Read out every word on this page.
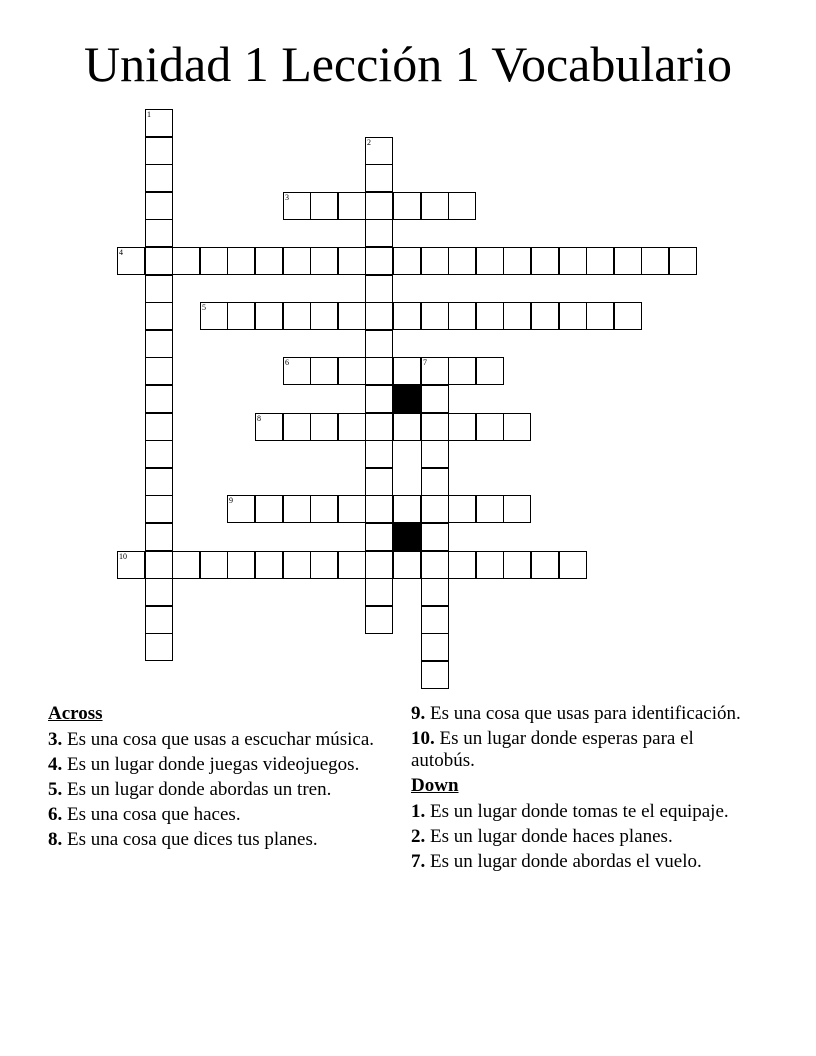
Unidad 1 Lección 1 Vocabulario
1
2
3
4
5
6	7
8
9
10
Across
3. Es una cosa que usas a escuchar música.
4. Es un lugar donde juegas videojuegos.
5. Es un lugar donde abordas un tren.
6. Es una cosa que haces.
8. Es una cosa que dices tus planes.
9. Es una cosa que usas para identificación.
10. Es un lugar donde esperas para el autobús.
Down
1. Es un lugar donde tomas te el equipaje.
2. Es un lugar donde haces planes.
7. Es un lugar donde abordas el vuelo.
